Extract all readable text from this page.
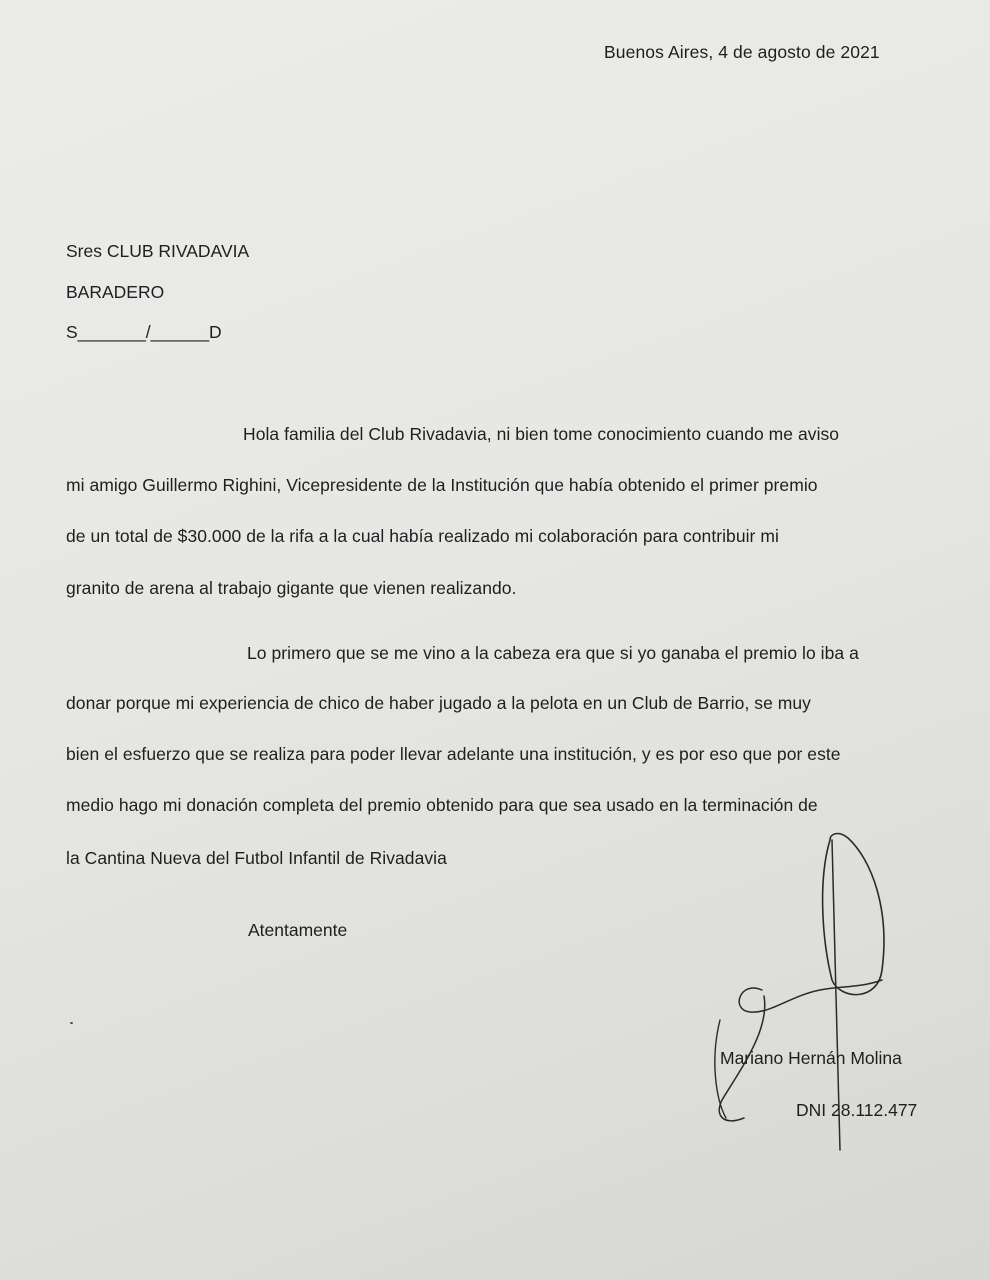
Buenos Aires, 4 de agosto de 2021
Sres CLUB RIVADAVIA
BARADERO
S_______/______D
Hola familia del Club Rivadavia, ni bien tome conocimiento cuando me aviso
mi amigo Guillermo Righini, Vicepresidente de la Institución que había obtenido el primer premio
de un total de $30.000 de la rifa a la cual había realizado mi colaboración para contribuir mi
granito de arena al trabajo gigante que vienen realizando.
Lo primero que se me vino a la cabeza era que si yo ganaba el premio lo iba a
donar porque mi experiencia de chico de haber jugado a la pelota en un Club de Barrio, se muy
bien el esfuerzo que se realiza para poder llevar adelante una institución, y es por eso que por este
medio hago mi donación completa del premio obtenido para que sea usado en la terminación de
la Cantina Nueva del Futbol Infantil de Rivadavia
Atentamente
Mariano Hernán Molina
DNI 28.112.477
